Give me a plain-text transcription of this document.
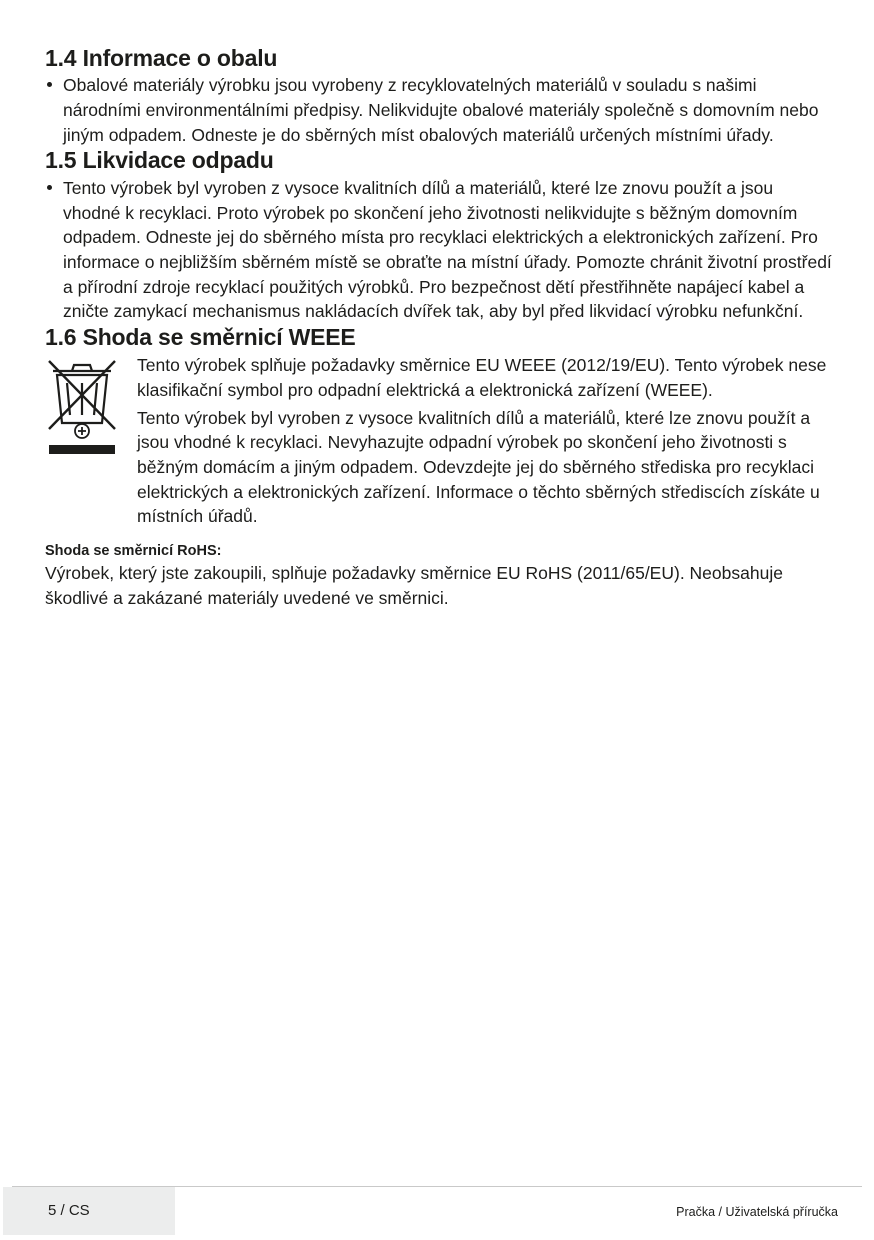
1.4 Informace o obalu

Obalové materiály výrobku jsou vyrobeny z recyklovatelných materiálů v souladu s našimi národními environmentálními předpisy. Nelikvidujte obalové materiály společně s domovním nebo jiným odpadem. Odneste je do sběrných míst obalových materiálů určených místními úřady.

1.5 Likvidace odpadu

Tento výrobek byl vyroben z vysoce kvalitních dílů a materiálů, které lze znovu použít a jsou vhodné k recyklaci. Proto výrobek po skončení jeho životnosti nelikvidujte s běžným domovním odpadem. Odneste jej do sběrného místa pro recyklaci elektrických a elektronických zařízení. Pro informace o nejbližším sběrném místě se obraťte na místní úřady. Pomozte chránit životní prostředí a přírodní zdroje recyklací použitých výrobků. Pro bezpečnost dětí přestřihněte napájecí kabel a zničte zamykací mechanismus nakládacích dvířek tak, aby byl před likvidací výrobku nefunkční.

1.6 Shoda se směrnicí WEEE

Tento výrobek splňuje požadavky směrnice EU WEEE (2012/19/EU). Tento výrobek nese klasifikační symbol pro odpadní elektrická a elektronická zařízení (WEEE).

Tento výrobek byl vyroben z vysoce kvalitních dílů a materiálů, které lze znovu použít a jsou vhodné k recyklaci. Nevyhazujte odpadní výrobek po skončení jeho životnosti s běžným domácím a jiným odpadem. Odevzdejte jej do sběrného střediska pro recyklaci elektrických a elektronických zařízení. Informace o těchto sběrných střediscích získáte u místních úřadů.

Shoda se směrnicí RoHS:

Výrobek, který jste zakoupili, splňuje požadavky směrnice EU RoHS (2011/65/EU). Neobsahuje škodlivé a zakázané materiály uvedené ve směrnici.

5 / CS	Pračka / Uživatelská příručka
